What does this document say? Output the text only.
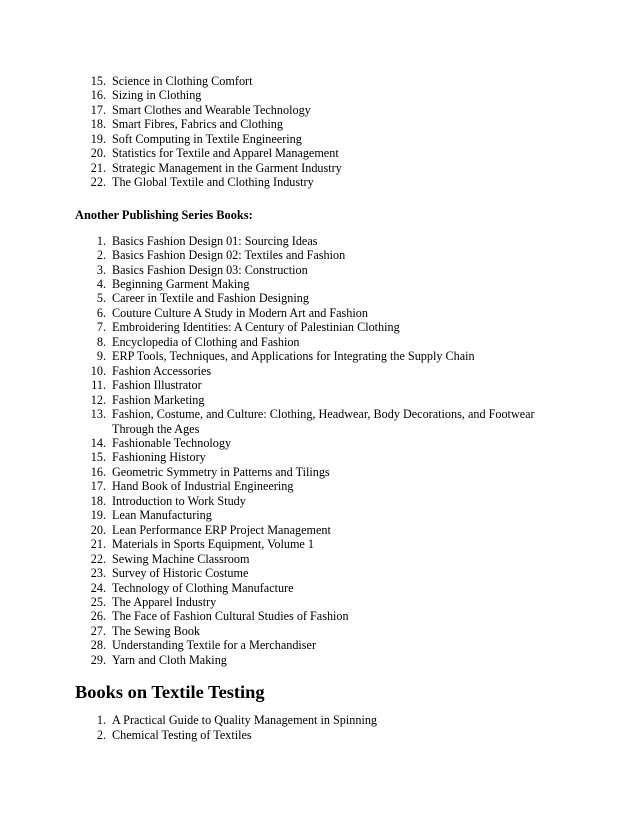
15. Science in Clothing Comfort
16. Sizing in Clothing
17. Smart Clothes and Wearable Technology
18. Smart Fibres, Fabrics and Clothing
19. Soft Computing in Textile Engineering
20. Statistics for Textile and Apparel Management
21. Strategic Management in the Garment Industry
22. The Global Textile and Clothing Industry
Another Publishing Series Books:
1. Basics Fashion Design 01: Sourcing Ideas
2. Basics Fashion Design 02: Textiles and Fashion
3. Basics Fashion Design 03: Construction
4. Beginning Garment Making
5. Career in Textile and Fashion Designing
6. Couture Culture A Study in Modern Art and Fashion
7. Embroidering Identities: A Century of Palestinian Clothing
8. Encyclopedia of Clothing and Fashion
9. ERP Tools, Techniques, and Applications for Integrating the Supply Chain
10. Fashion Accessories
11. Fashion Illustrator
12. Fashion Marketing
13. Fashion, Costume, and Culture: Clothing, Headwear, Body Decorations, and Footwear Through the Ages
14. Fashionable Technology
15. Fashioning History
16. Geometric Symmetry in Patterns and Tilings
17. Hand Book of Industrial Engineering
18. Introduction to Work Study
19. Lean Manufacturing
20. Lean Performance ERP Project Management
21. Materials in Sports Equipment, Volume 1
22. Sewing Machine Classroom
23. Survey of Historic Costume
24. Technology of Clothing Manufacture
25. The Apparel Industry
26. The Face of Fashion Cultural Studies of Fashion
27. The Sewing Book
28. Understanding Textile for a Merchandiser
29. Yarn and Cloth Making
Books on Textile Testing
1. A Practical Guide to Quality Management in Spinning
2. Chemical Testing of Textiles
